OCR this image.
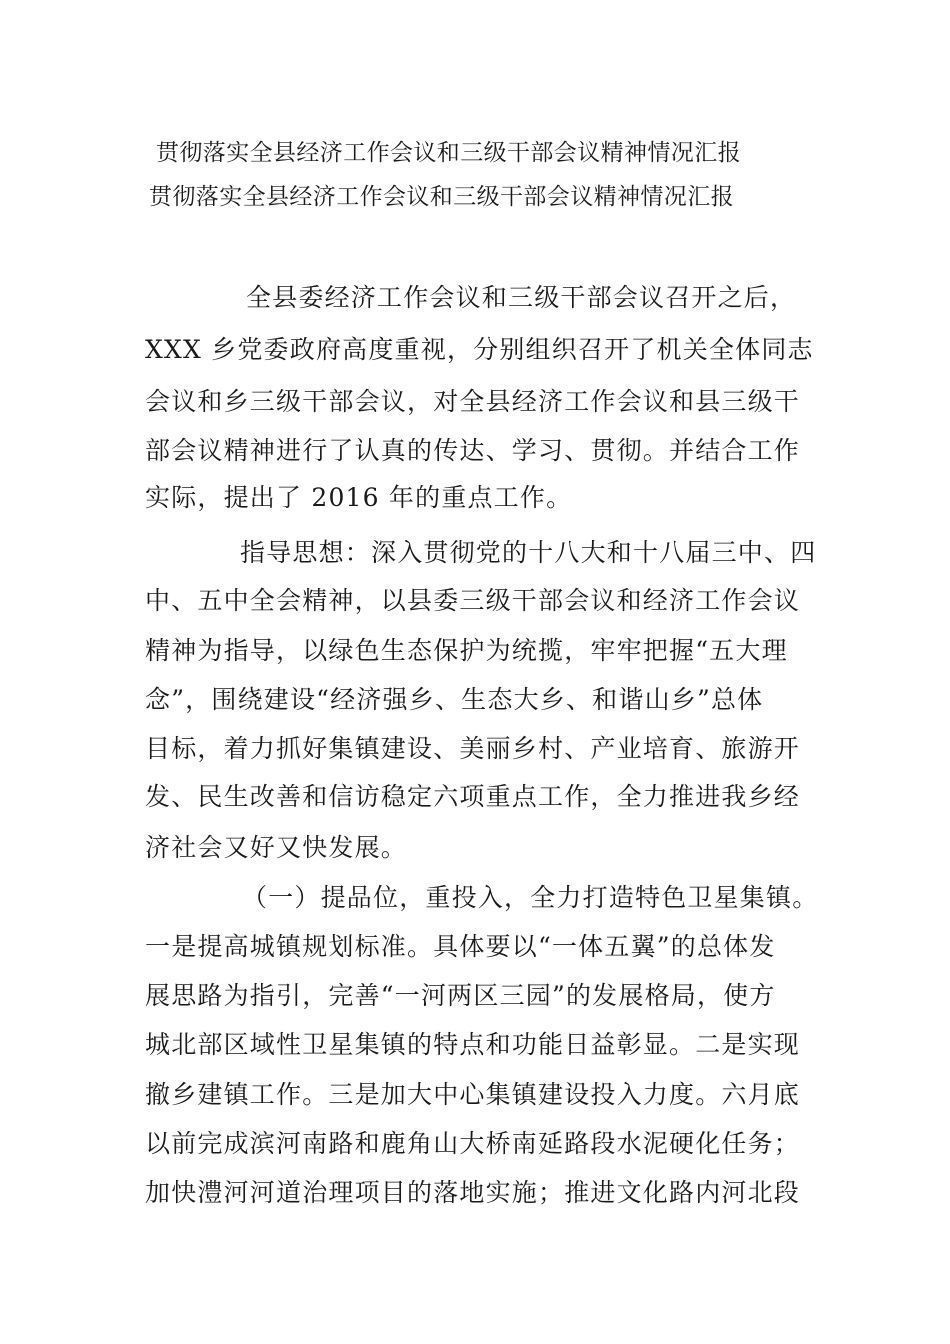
贯彻落实全县经济工作会议和三级干部会议精神情况汇报
贯彻落实全县经济工作会议和三级干部会议精神情况汇报
全县委经济工作会议和三级干部会议召开之后，
XXX 乡党委政府高度重视，分别组织召开了机关全体同志
会议和乡三级干部会议，对全县经济工作会议和县三级干
部会议精神进行了认真的传达、学习、贯彻。并结合工作
实际，提出了 2016 年的重点工作。
指导思想：深入贯彻党的十八大和十八届三中、四
中、五中全会精神，以县委三级干部会议和经济工作会议
精神为指导，以绿色生态保护为统揽，牢牢把握“五大理
念”，围绕建设“经济强乡、生态大乡、和谐山乡”总体
目标，着力抓好集镇建设、美丽乡村、产业培育、旅游开
发、民生改善和信访稳定六项重点工作，全力推进我乡经
济社会又好又快发展。
（一）提品位，重投入，全力打造特色卫星集镇。
一是提高城镇规划标准。具体要以“一体五翼”的总体发
展思路为指引，完善“一河两区三园”的发展格局，使方
城北部区域性卫星集镇的特点和功能日益彰显。二是实现
撤乡建镇工作。三是加大中心集镇建设投入力度。六月底
以前完成滨河南路和鹿角山大桥南延路段水泥硬化任务；
加快澧河河道治理项目的落地实施；推进文化路内河北段
